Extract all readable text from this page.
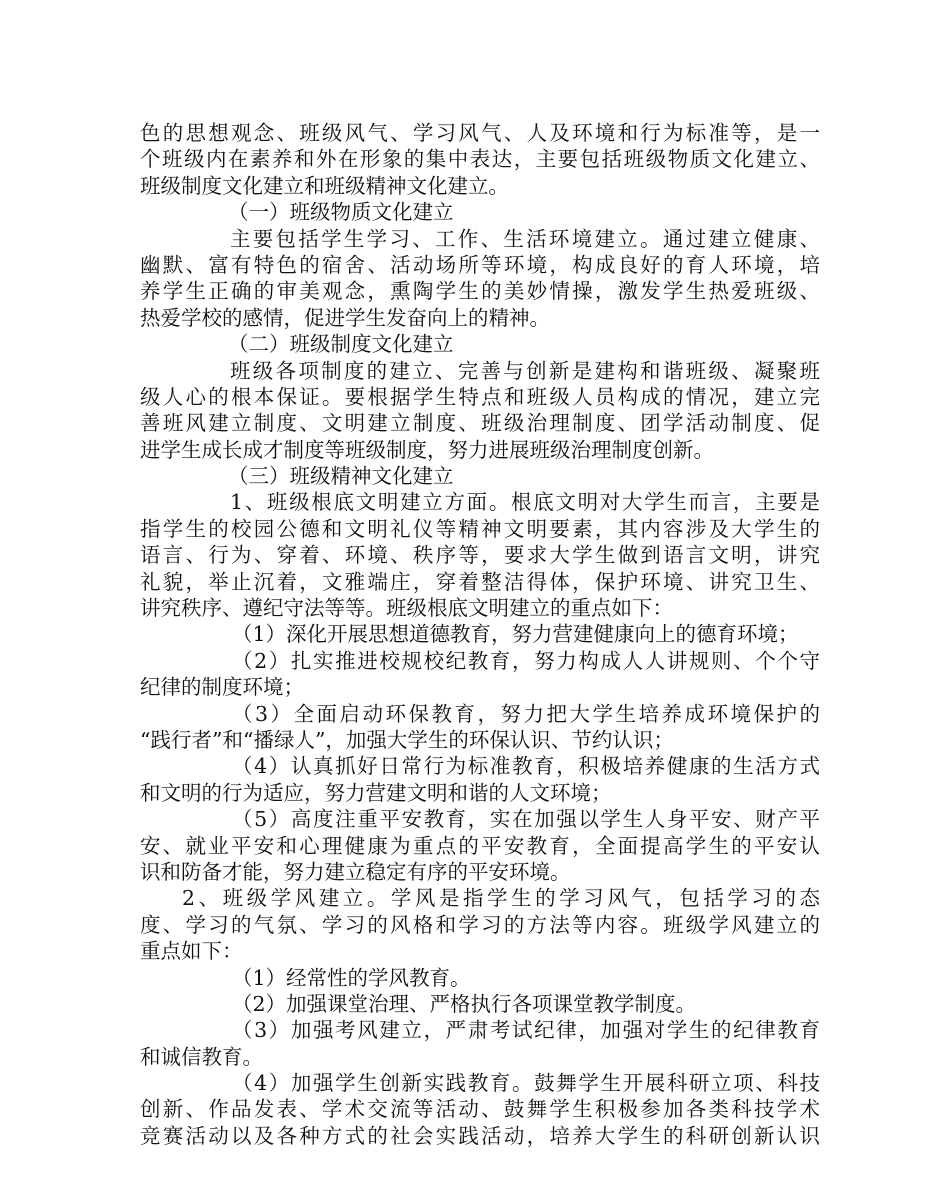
色的思想观念、班级风气、学习风气、人及环境和行为标准等，是一

个班级内在素养和外在形象的集中表达，主要包括班级物质文化建立、

班级制度文化建立和班级精神文化建立。

（一）班级物质文化建立

主要包括学生学习、工作、生活环境建立。通过建立健康、

幽默、富有特色的宿舍、活动场所等环境，构成良好的育人环境，培

养学生正确的审美观念，熏陶学生的美妙情操，激发学生热爱班级、

热爱学校的感情，促进学生发奋向上的精神。

（二）班级制度文化建立

班级各项制度的建立、完善与创新是建构和谐班级、凝聚班

级人心的根本保证。要根据学生特点和班级人员构成的情况，建立完

善班风建立制度、文明建立制度、班级治理制度、团学活动制度、促

进学生成长成才制度等班级制度，努力进展班级治理制度创新。

（三）班级精神文化建立

1、班级根底文明建立方面。根底文明对大学生而言，主要是

指学生的校园公德和文明礼仪等精神文明要素，其内容涉及大学生的

语言、行为、穿着、环境、秩序等，要求大学生做到语言文明，讲究

礼貌，举止沉着，文雅端庄，穿着整洁得体，保护环境、讲究卫生、

讲究秩序、遵纪守法等等。班级根底文明建立的重点如下：

（1）深化开展思想道德教育，努力营建健康向上的德育环境；

（2）扎实推进校规校纪教育，努力构成人人讲规则、个个守

纪律的制度环境；

（3）全面启动环保教育，努力把大学生培养成环境保护的

“践行者”和“播绿人”，加强大学生的环保认识、节约认识；

（4）认真抓好日常行为标准教育，积极培养健康的生活方式

和文明的行为适应，努力营建文明和谐的人文环境；

（5）高度注重平安教育，实在加强以学生人身平安、财产平

安、就业平安和心理健康为重点的平安教育，全面提高学生的平安认

识和防备才能，努力建立稳定有序的平安环境。

2、班级学风建立。学风是指学生的学习风气，包括学习的态

度、学习的气氛、学习的风格和学习的方法等内容。班级学风建立的

重点如下：

（1）经常性的学风教育。

（2）加强课堂治理、严格执行各项课堂教学制度。

（3）加强考风建立，严肃考试纪律，加强对学生的纪律教育

和诚信教育。

（4）加强学生创新实践教育。鼓舞学生开展科研立项、科技

创新、作品发表、学术交流等活动、鼓舞学生积极参加各类科技学术

竞赛活动以及各种方式的社会实践活动，培养大学生的科研创新认识
